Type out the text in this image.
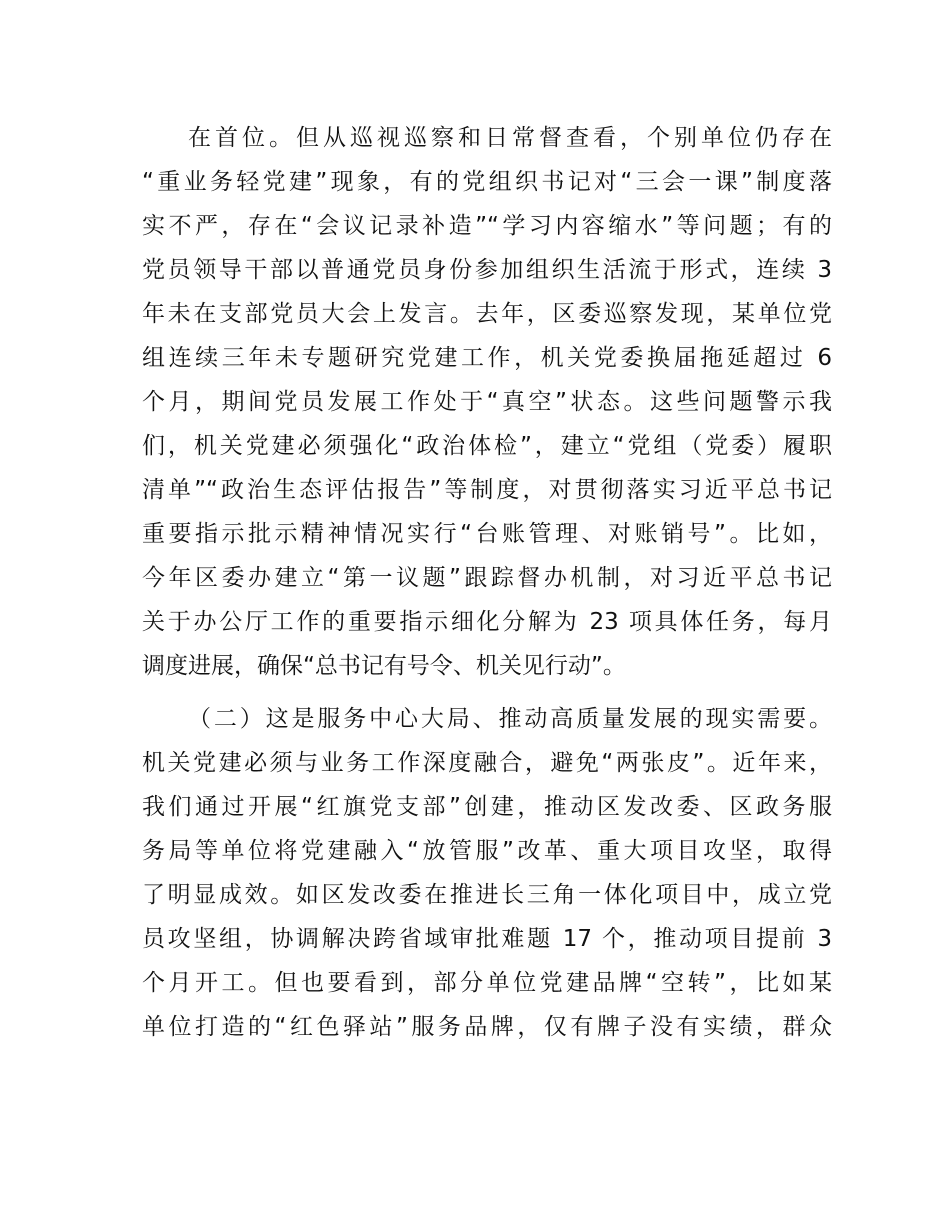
在首位。但从巡视巡察和日常督查看，个别单位仍存在
“重业务轻党建”现象，有的党组织书记对“三会一课”制度落
实不严，存在“会议记录补造”“学习内容缩水”等问题；有的
党员领导干部以普通党员身份参加组织生活流于形式，连续 3
年未在支部党员大会上发言。去年，区委巡察发现，某单位党
组连续三年未专题研究党建工作，机关党委换届拖延超过 6
个月，期间党员发展工作处于“真空”状态。这些问题警示我
们，机关党建必须强化“政治体检”，建立“党组（党委）履职
清单”“政治生态评估报告”等制度，对贯彻落实习近平总书记
重要指示批示精神情况实行“台账管理、对账销号”。比如，
今年区委办建立“第一议题”跟踪督办机制，对习近平总书记
关于办公厅工作的重要指示细化分解为 23 项具体任务，每月
调度进展，确保“总书记有号令、机关见行动”。
（二）这是服务中心大局、推动高质量发展的现实需要。
机关党建必须与业务工作深度融合，避免“两张皮”。近年来，
我们通过开展“红旗党支部”创建，推动区发改委、区政务服
务局等单位将党建融入“放管服”改革、重大项目攻坚，取得
了明显成效。如区发改委在推进长三角一体化项目中，成立党
员攻坚组，协调解决跨省域审批难题 17 个，推动项目提前 3
个月开工。但也要看到，部分单位党建品牌“空转”，比如某
单位打造的“红色驿站”服务品牌，仅有牌子没有实绩，群众
